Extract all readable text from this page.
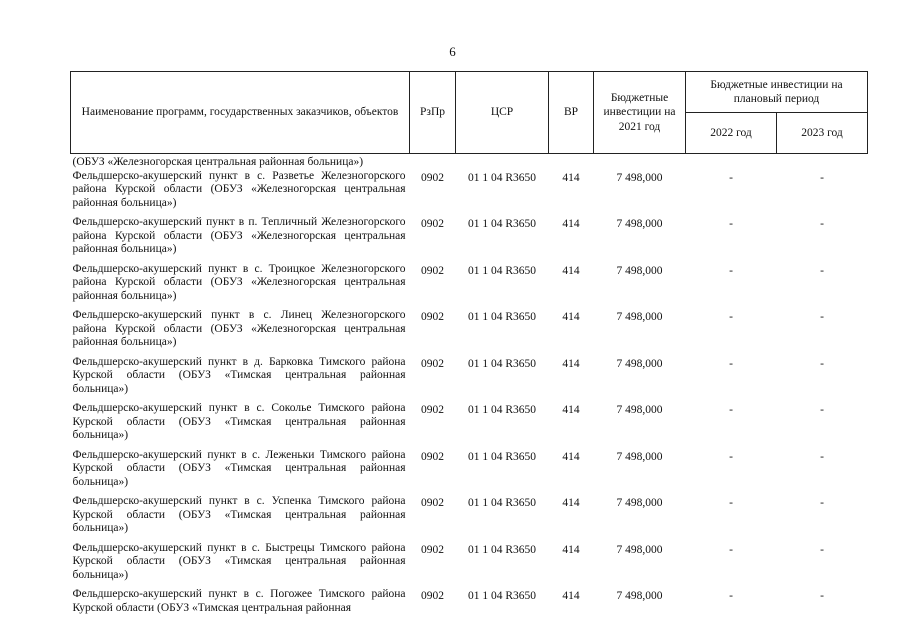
6
Наименование программ, государственных заказчиков, объектов	РзПр	ЦСР	ВР	Бюджетные инвестиции на 2021 год	Бюджетные инвестиции на плановый период	
					2022 год	2023 год
(ОБУЗ «Железногорская центральная районная больница»)						
Фельдшерско-акушерский пункт в с. Разветье Железногорского района Курской области (ОБУЗ «Железногорская центральная районная больница»)	0902	01 1 04 R3650	414	7 498,000	-	-
Фельдшерско-акушерский пункт в п. Тепличный Железногорского района Курской области (ОБУЗ «Железногорская центральная районная больница»)	0902	01 1 04 R3650	414	7 498,000	-	-
Фельдшерско-акушерский пункт в с. Троицкое Железногорского района Курской области (ОБУЗ «Железногорская центральная районная больница»)	0902	01 1 04 R3650	414	7 498,000	-	-
Фельдшерско-акушерский пункт в с. Линец Железногорского района Курской области (ОБУЗ «Железногорская центральная районная больница»)	0902	01 1 04 R3650	414	7 498,000	-	-
Фельдшерско-акушерский пункт в д. Барковка Тимского района Курской области (ОБУЗ «Тимская центральная районная больница»)	0902	01 1 04 R3650	414	7 498,000	-	-
Фельдшерско-акушерский пункт в с. Соколье Тимского района Курской области (ОБУЗ «Тимская центральная районная больница»)	0902	01 1 04 R3650	414	7 498,000	-	-
Фельдшерско-акушерский пункт в с. Леженьки Тимского района Курской области (ОБУЗ «Тимская центральная районная больница»)	0902	01 1 04 R3650	414	7 498,000	-	-
Фельдшерско-акушерский пункт в с. Успенка Тимского района Курской области (ОБУЗ «Тимская центральная районная больница»)	0902	01 1 04 R3650	414	7 498,000	-	-
Фельдшерско-акушерский пункт в с. Быстрецы Тимского района Курской области (ОБУЗ «Тимская центральная районная больница»)	0902	01 1 04 R3650	414	7 498,000	-	-
Фельдшерско-акушерский пункт в с. Погожее Тимского района Курской области (ОБУЗ «Тимская центральная районная	0902	01 1 04 R3650	414	7 498,000	-	-
